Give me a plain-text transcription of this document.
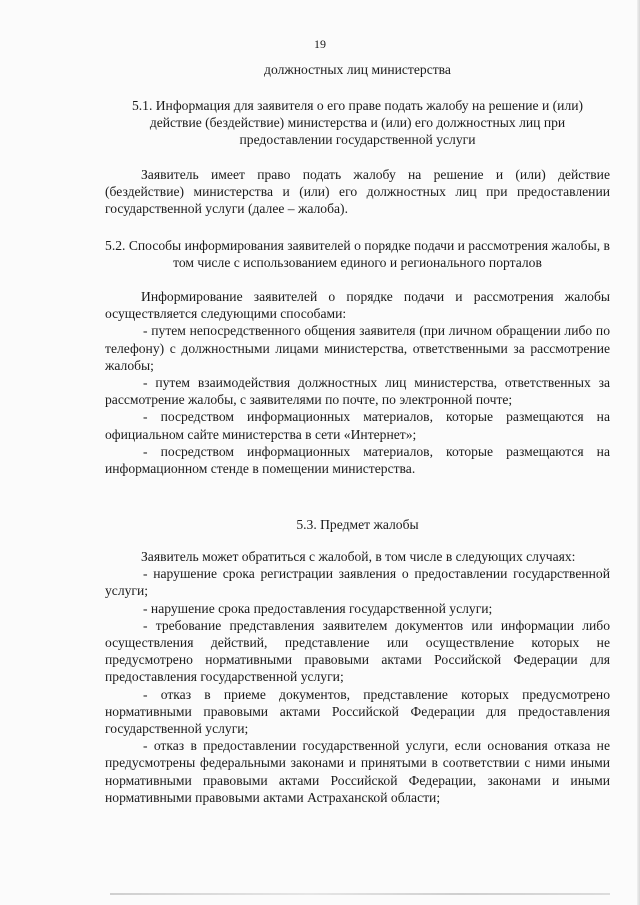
19
должностных лиц министерства
5.1. Информация для заявителя о его праве подать жалобу на решение и (или) действие (бездействие) министерства и (или) его должностных лиц при предоставлении государственной услуги

Заявитель имеет право подать жалобу на решение и (или) действие (бездействие) министерства и (или) его должностных лиц при предоставлении государственной услуги (далее – жалоба).

5.2. Способы информирования заявителей о порядке подачи и рассмотрения жалобы, в том числе с использованием единого и регионального порталов

Информирование заявителей о порядке подачи и рассмотрения жалобы осуществляется следующими способами:

- путем непосредственного общения заявителя (при личном обращении либо по телефону) с должностными лицами министерства, ответственными за рассмотрение жалобы;

- путем взаимодействия должностных лиц министерства, ответственных за рассмотрение жалобы, с заявителями по почте, по электронной почте;

- посредством информационных материалов, которые размещаются на официальном сайте министерства в сети «Интернет»;

- посредством информационных материалов, которые размещаются на информационном стенде в помещении министерства.

5.3. Предмет жалобы

Заявитель может обратиться с жалобой, в том числе в следующих случаях:

- нарушение срока регистрации заявления о предоставлении государственной услуги;

- нарушение срока предоставления государственной услуги;

- требование представления заявителем документов или информации либо осуществления действий, представление или осуществление которых не предусмотрено нормативными правовыми актами Российской Федерации для предоставления государственной услуги;

- отказ в приеме документов, представление которых предусмотрено нормативными правовыми актами Российской Федерации для предоставления государственной услуги;

- отказ в предоставлении государственной услуги, если основания отказа не предусмотрены федеральными законами и принятыми в соответствии с ними иными нормативными правовыми актами Российской Федерации, законами и иными нормативными правовыми актами Астраханской области;
